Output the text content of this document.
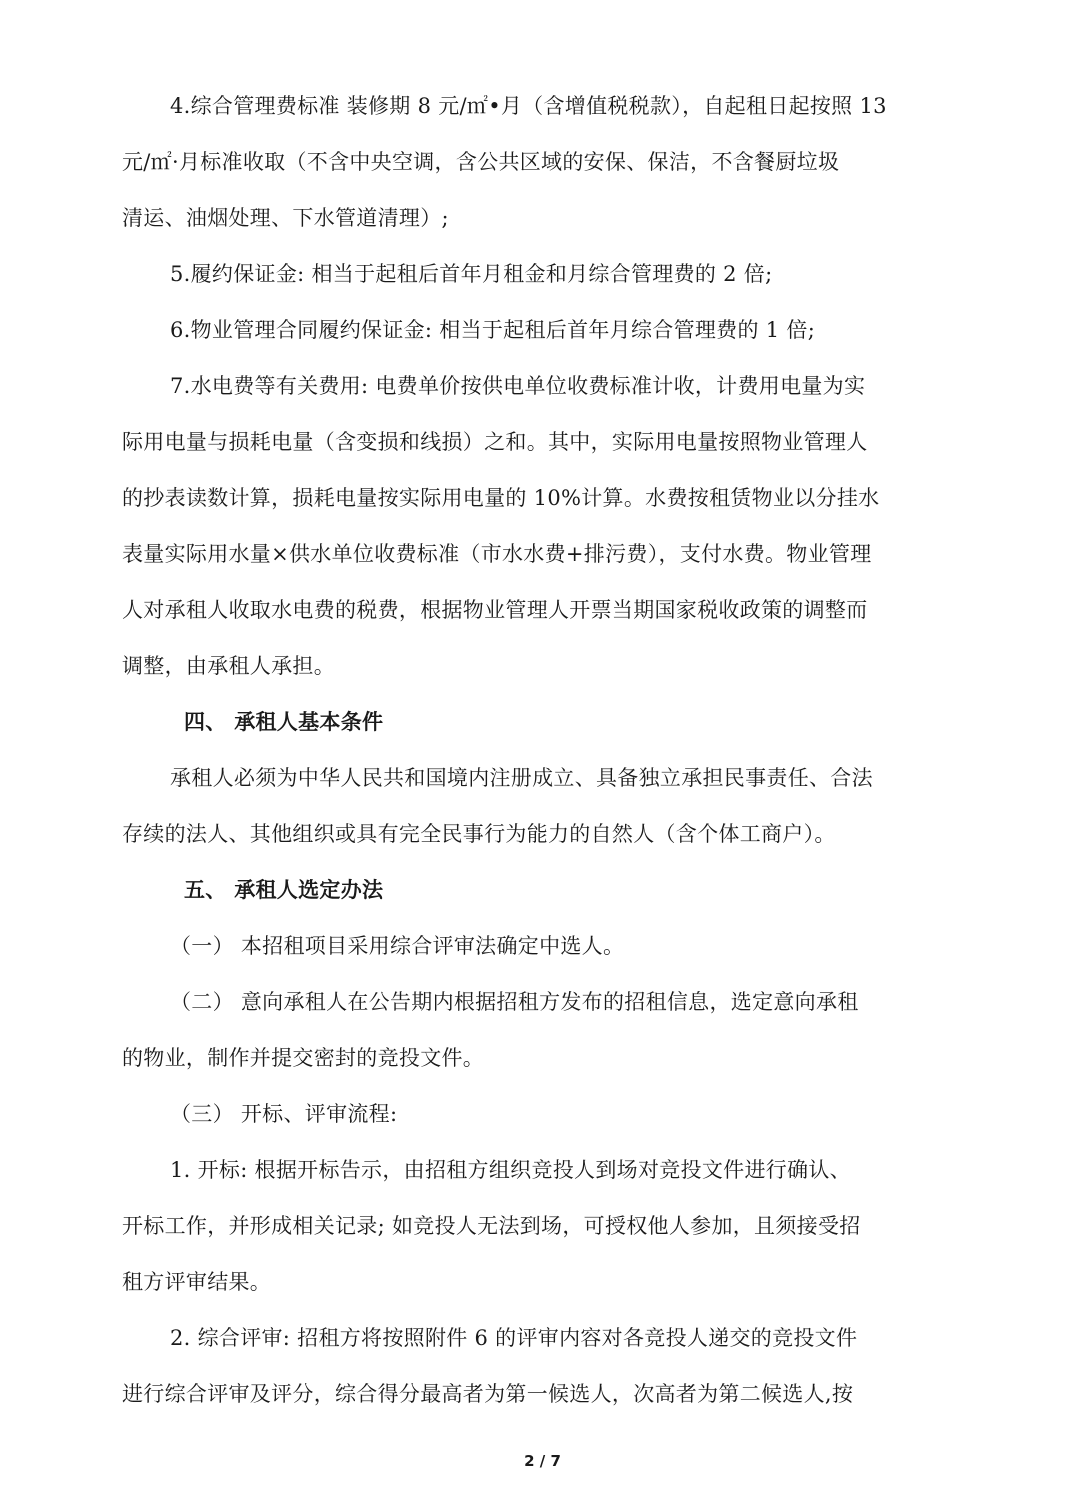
4.综合管理费标准 装修期 8 元/㎡•月（含增值税税款），自起租日起按照 13
元/㎡·月标准收取（不含中央空调，含公共区域的安保、保洁，不含餐厨垃圾
清运、油烟处理、下水管道清理）;
5.履约保证金: 相当于起租后首年月租金和月综合管理费的 2 倍;
6.物业管理合同履约保证金: 相当于起租后首年月综合管理费的 1 倍;
7.水电费等有关费用: 电费单价按供电单位收费标准计收，计费用电量为实
际用电量与损耗电量（含变损和线损）之和。其中，实际用电量按照物业管理人
的抄表读数计算，损耗电量按实际用电量的 10%计算。水费按租赁物业以分挂水
表量实际用水量×供水单位收费标准（市水水费+排污费），支付水费。物业管理
人对承租人收取水电费的税费，根据物业管理人开票当期国家税收政策的调整而
调整，由承租人承担。
四、 承租人基本条件
承租人必须为中华人民共和国境内注册成立、具备独立承担民事责任、合法
存续的法人、其他组织或具有完全民事行为能力的自然人（含个体工商户）。
五、 承租人选定办法
（一） 本招租项目采用综合评审法确定中选人。
（二） 意向承租人在公告期内根据招租方发布的招租信息，选定意向承租
的物业，制作并提交密封的竞投文件。
（三） 开标、评审流程:
1. 开标: 根据开标告示，由招租方组织竞投人到场对竞投文件进行确认、
开标工作，并形成相关记录; 如竞投人无法到场，可授权他人参加，且须接受招
租方评审结果。
2. 综合评审: 招租方将按照附件 6 的评审内容对各竞投人递交的竞投文件
进行综合评审及评分，综合得分最高者为第一候选人，次高者为第二候选人,按
2 / 7
